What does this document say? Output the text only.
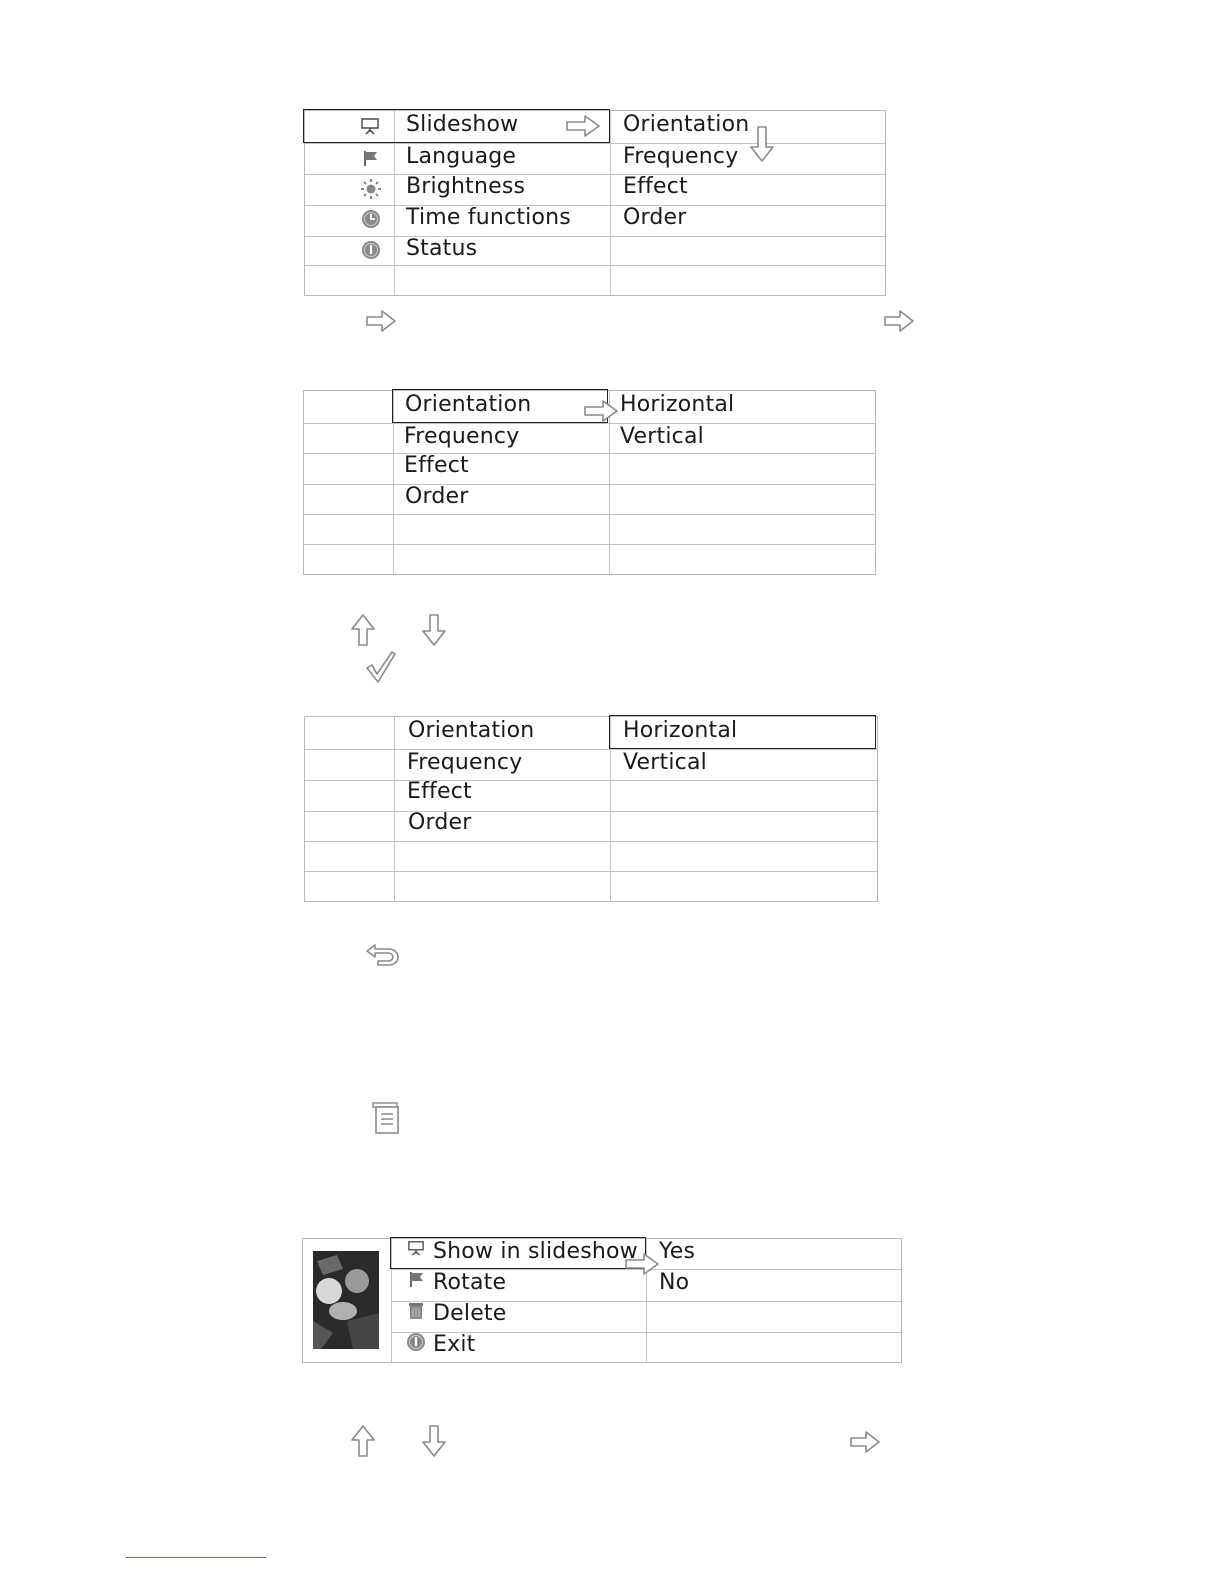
Slideshow
Language
Brightness
Time functions
Status
Orientation
Frequency
Effect
Order
Orientation
Frequency
Effect
Order
Horizontal
Vertical
Orientation
Frequency
Effect
Order
Horizontal
Vertical
Show in slideshow
Rotate
Delete
Exit
Yes
No
